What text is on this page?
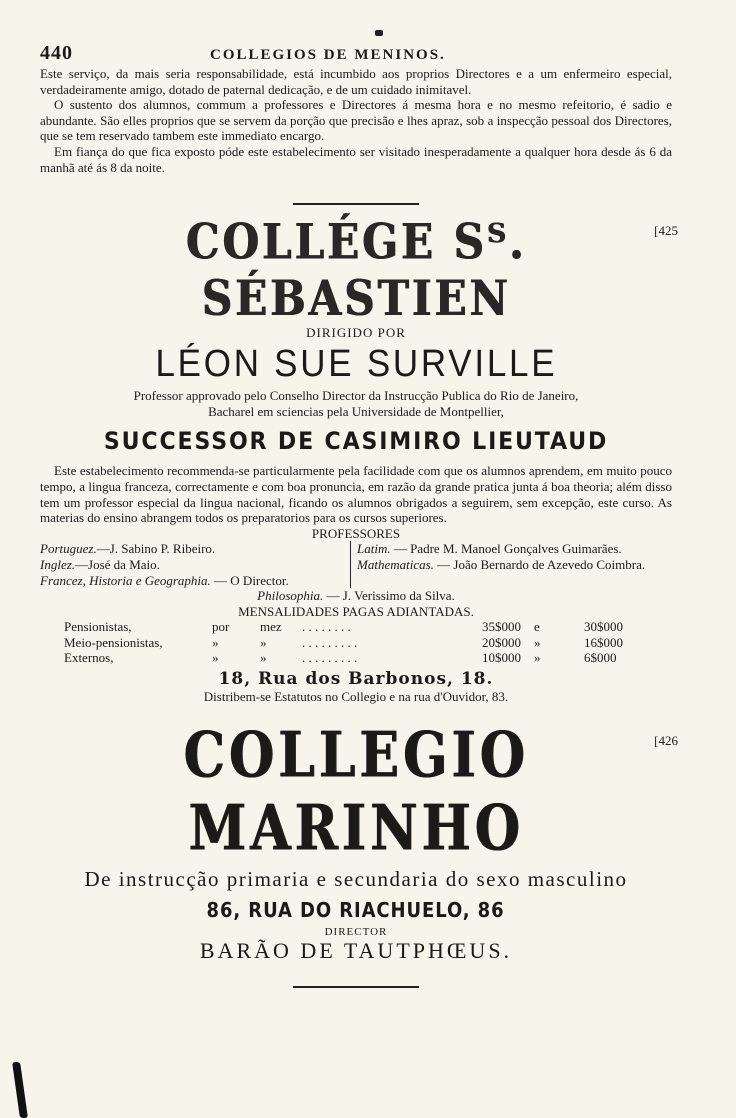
440	COLLEGIOS DE MENINOS.

Este serviço, da mais seria responsabilidade, está incumbido aos proprios Directores e a um enfermeiro especial, verdadeiramente amigo, dotado de paternal dedicação, e de um cuidado inimitavel.

O sustento dos alumnos, commum a professores e Directores á mesma hora e no mesmo refeitorio, é sadio e abundante. São elles proprios que se servem da porção que precisão e lhes apraz, sob a inspecção pessoal dos Directores, que se tem reservado tambem este immediato encargo.

Em fiança do que fica exposto póde este estabelecimento ser visitado inesperadamente a qualquer hora desde ás 6 da manhã até ás 8 da noite.

COLLÉGE Sᵀ. SÉBASTIEN
[425
DIRIGIDO POR
LÉON SUE SURVILLE
Professor approvado pelo Conselho Director da Instrucção Publica do Rio de Janeiro,
Bacharel em sciencias pela Universidade de Montpellier,
SUCCESSOR DE CASIMIRO LIEUTAUD

Este estabelecimento recommenda-se particularmente pela facilidade com que os alumnos aprendem, em muito pouco tempo, a lingua franceza, correctamente e com boa pronuncia, em razão da grande pratica junta á boa theoria; além disso tem um professor especial da lingua nacional, ficando os alumnos obrigados a seguirem, sem excepção, este curso. As materias do ensino abrangem todos os preparatorios para os cursos superiores.

PROFESSORES
Portuguez.—J. Sabino P. Ribeiro.
Inglez.—José da Maio.
Francez, Historia e Geographia. — O Director.
Latim. — Padre M. Manoel Gonçalves Guimarães.
Mathematicas. — João Bernardo de Azevedo Coimbra.
Philosophia. — J. Verissimo da Silva.
MENSALIDADES PAGAS ADIANTADAS.
Pensionistas,	por	mez	. . . . . . . .	35$000	e	30$000
Meio-pensionistas,	»	»	. . . . . . . . .	20$000	»	16$000
Externos,	»	»	. . . . . . . . .	10$000	»	6$000
18, Rua dos Barbonos, 18.
Distribem-se Estatutos no Collegio e na rua d'Ouvidor, 83.
COLLEGIO MARINHO
[426
De instrucção primaria e secundaria do sexo masculino
86, RUA DO RIACHUELO, 86
DIRECTOR
BARÃO DE TAUTPHŒUS.
